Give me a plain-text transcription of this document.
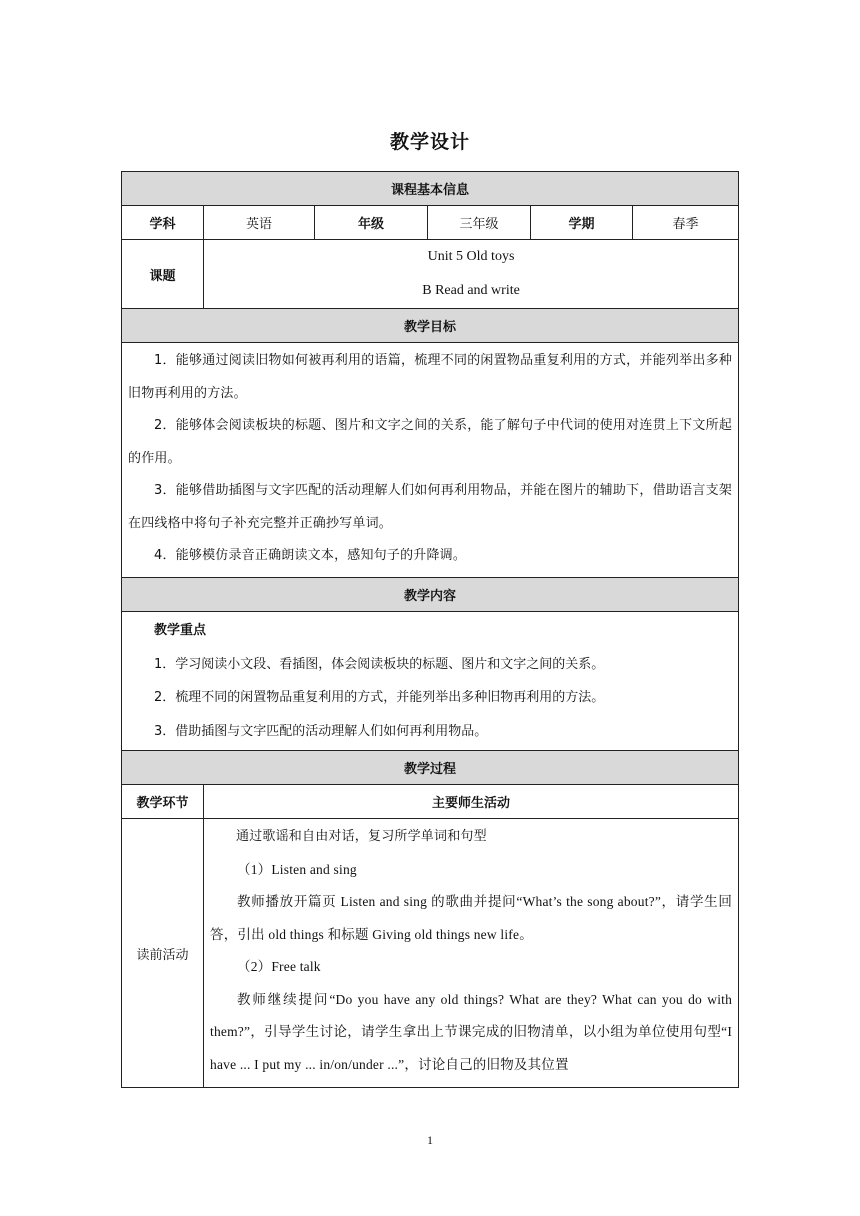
教学设计
课程基本信息					
学科	英语	年级	三年级	学期	春季
课题	Unit 5 Old toys
B Read and write				

教学目标					

1．能够通过阅读旧物如何被再利用的语篇，梳理不同的闲置物品重复利用的方式，并能列举出多种旧物再利用的方法。

2．能够体会阅读板块的标题、图片和文字之间的关系，能了解句子中代词的使用对连贯上下文所起的作用。

3．能够借助插图与文字匹配的活动理解人们如何再利用物品，并能在图片的辅助下，借助语言支架在四线格中将句子补充完整并正确抄写单词。

4．能够模仿录音正确朗读文本，感知句子的升降调。					

教学内容					

教学重点

1．学习阅读小文段、看插图，体会阅读板块的标题、图片和文字之间的关系。

2．梳理不同的闲置物品重复利用的方式，并能列举出多种旧物再利用的方法。

3．借助插图与文字匹配的活动理解人们如何再利用物品。					

教学过程					
教学环节	主要师生活动				
读前活动	通过歌谣和自由对话，复习所学单词和句型

（1）Listen and sing

教师播放开篇页 Listen and sing 的歌曲并提问“What’s the song about?”，请学生回答，引出 old things 和标题 Giving old things new life。

（2）Free talk

教师继续提问“Do you have any old things? What are they? What can you do with them?”，引导学生讨论，请学生拿出上节课完成的旧物清单，以小组为单位使用句型“I have ... I put my ... in/on/under ...”，讨论自己的旧物及其位置				

1
